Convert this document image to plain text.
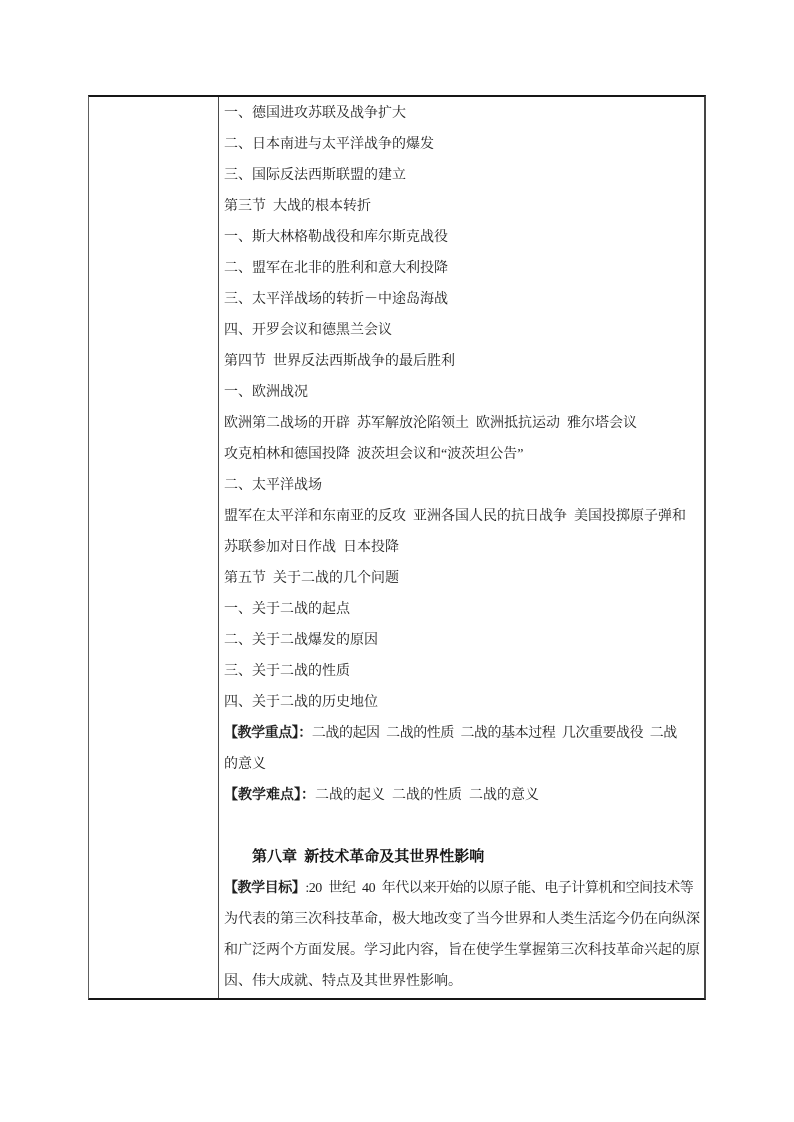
一、德国进攻苏联及战争扩大

二、日本南进与太平洋战争的爆发

三、国际反法西斯联盟的建立

第三节 大战的根本转折

一、斯大林格勒战役和库尔斯克战役

二、盟军在北非的胜利和意大利投降

三、太平洋战场的转折－中途岛海战

四、开罗会议和德黑兰会议

第四节 世界反法西斯战争的最后胜利

一、欧洲战况

欧洲第二战场的开辟 苏军解放沦陷领土 欧洲抵抗运动 雅尔塔会议

攻克柏林和德国投降 波茨坦会议和“波茨坦公告”

二、太平洋战场

盟军在太平洋和东南亚的反攻 亚洲各国人民的抗日战争 美国投掷原子弹和

苏联参加对日作战 日本投降

第五节 关于二战的几个问题

一、关于二战的起点

二、关于二战爆发的原因

三、关于二战的性质

四、关于二战的历史地位

【教学重点】：二战的起因 二战的性质 二战的基本过程 几次重要战役 二战

的意义

【教学难点】：二战的起义 二战的性质 二战的意义

第八章 新技术革命及其世界性影响

【教学目标】:20 世纪 40 年代以来开始的以原子能、电子计算机和空间技术等

为代表的第三次科技革命，极大地改变了当今世界和人类生活迄今仍在向纵深

和广泛两个方面发展。学习此内容，旨在使学生掌握第三次科技革命兴起的原

因、伟大成就、特点及其世界性影响。
